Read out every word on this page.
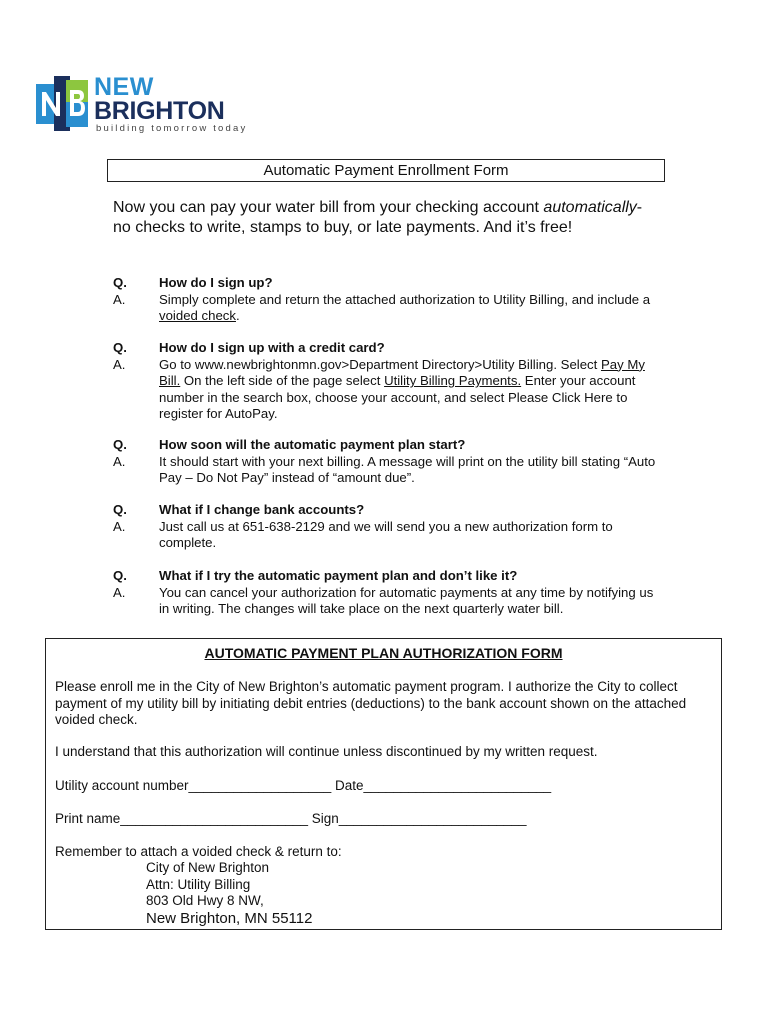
NEW
BRIGHTON
building tomorrow today
Automatic Payment Enrollment Form
Now you can pay your water bill from your checking account automatically-no checks to write, stamps to buy, or late payments. And it’s free!
Q.	How do I sign up?
A.	Simply complete and return the attached authorization to Utility Billing, and include a voided check.
Q.	How do I sign up with a credit card?
A.	Go to www.newbrightonmn.gov>Department Directory>Utility Billing. Select Pay My Bill. On the left side of the page select Utility Billing Payments. Enter your account number in the search box, choose your account, and select Please Click Here to register for AutoPay.
Q.	How soon will the automatic payment plan start?
A.	It should start with your next billing. A message will print on the utility bill stating “Auto Pay – Do Not Pay” instead of “amount due”.
Q.	What if I change bank accounts?
A.	Just call us at 651-638-2129 and we will send you a new authorization form to complete.
Q.	What if I try the automatic payment plan and don’t like it?
A.	You can cancel your authorization for automatic payments at any time by notifying us in writing. The changes will take place on the next quarterly water bill.
AUTOMATIC PAYMENT PLAN AUTHORIZATION FORM

Please enroll me in the City of New Brighton’s automatic payment program. I authorize the City to collect payment of my utility bill by initiating debit entries (deductions) to the bank account shown on the attached voided check.

I understand that this authorization will continue unless discontinued by my written request.

Utility account number___________________ Date_________________________

Print name_________________________ Sign_________________________

Remember to attach a voided check & return to:

City of New Brighton
Attn: Utility Billing
803 Old Hwy 8 NW,
New Brighton, MN 55112
